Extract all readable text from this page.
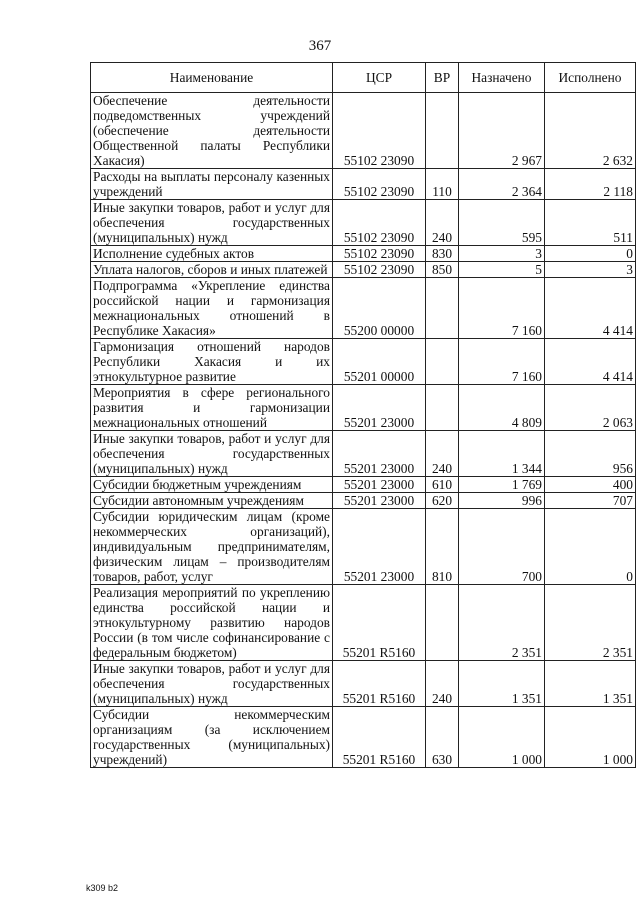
367
Наименование	ЦСР	ВР	Назначено	Исполнено
Обеспечение деятельности подведомственных учреждений (обеспечение деятельности Общественной палаты Республики Хакасия)	55102 23090		2 967	2 632
Расходы на выплаты персоналу казенных учреждений	55102 23090	110	2 364	2 118
Иные закупки товаров, работ и услуг для обеспечения государственных (муниципальных) нужд	55102 23090	240	595	511
Исполнение судебных актов	55102 23090	830	3	0
Уплата налогов, сборов и иных платежей	55102 23090	850	5	3
Подпрограмма «Укрепление единства российской нации и гармонизация межнациональных отношений в Республике Хакасия»	55200 00000		7 160	4 414
Гармонизация отношений народов Республики Хакасия и их этнокультурное развитие	55201 00000		7 160	4 414
Мероприятия в сфере регионального развития и гармонизации межнациональных отношений	55201 23000		4 809	2 063
Иные закупки товаров, работ и услуг для обеспечения государственных (муниципальных) нужд	55201 23000	240	1 344	956
Субсидии бюджетным учреждениям	55201 23000	610	1 769	400
Субсидии автономным учреждениям	55201 23000	620	996	707
Субсидии юридическим лицам (кроме некоммерческих организаций), индивидуальным предпринимателям, физическим лицам – производителям товаров, работ, услуг	55201 23000	810	700	0
Реализация мероприятий по укреплению единства российской нации и этнокультурному развитию народов России (в том числе софинансирование с федеральным бюджетом)	55201 R5160		2 351	2 351
Иные закупки товаров, работ и услуг для обеспечения государственных (муниципальных) нужд	55201 R5160	240	1 351	1 351
Субсидии некоммерческим организациям (за исключением государственных (муниципальных) учреждений)	55201 R5160	630	1 000	1 000
k309 b2
